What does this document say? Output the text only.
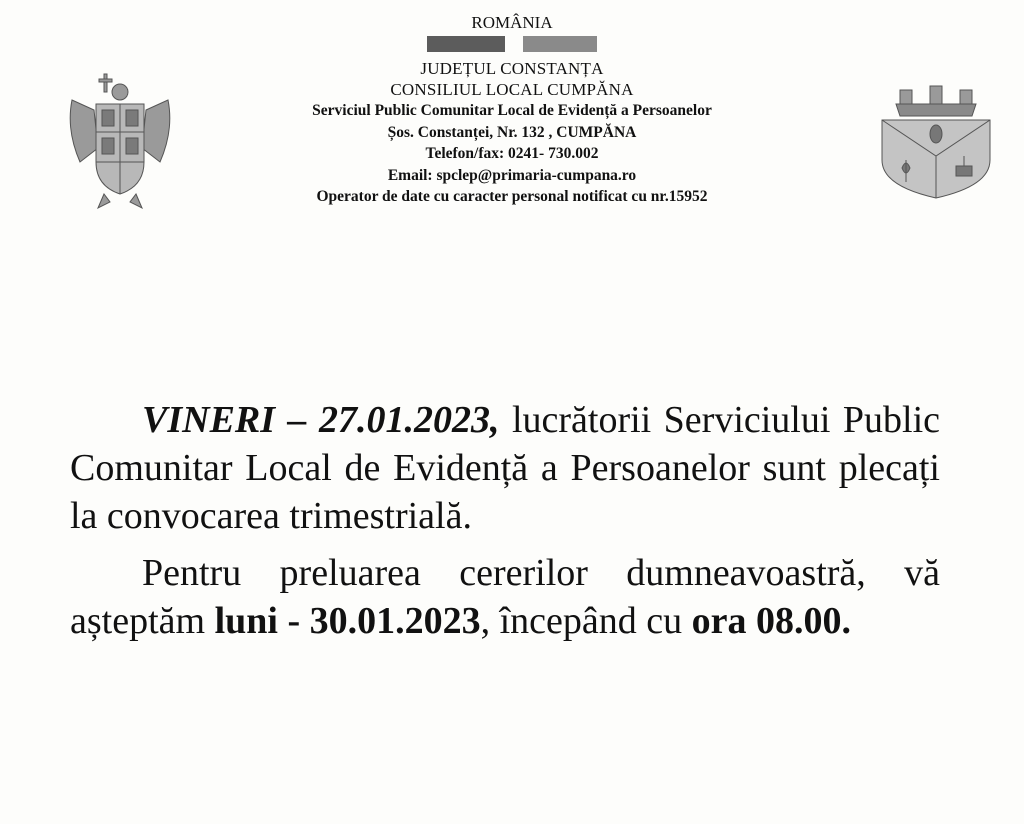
ROMÂNIA
JUDEȚUL CONSTANȚA
CONSILIUL LOCAL CUMPĂNA
Serviciul Public Comunitar Local de Evidență a Persoanelor
Șos. Constanței, Nr. 132 , CUMPĂNA
Telefon/fax: 0241- 730.002
Email: spclep@primaria-cumpana.ro
Operator de date cu caracter personal notificat cu nr.15952

VINERI – 27.01.2023, lucrătorii Serviciului Public Comunitar Local de Evidență a Persoanelor sunt plecați la convocarea trimestrială.

Pentru preluarea cererilor dumneavoastră, vă așteptăm luni - 30.01.2023, începând cu ora 08.00.
